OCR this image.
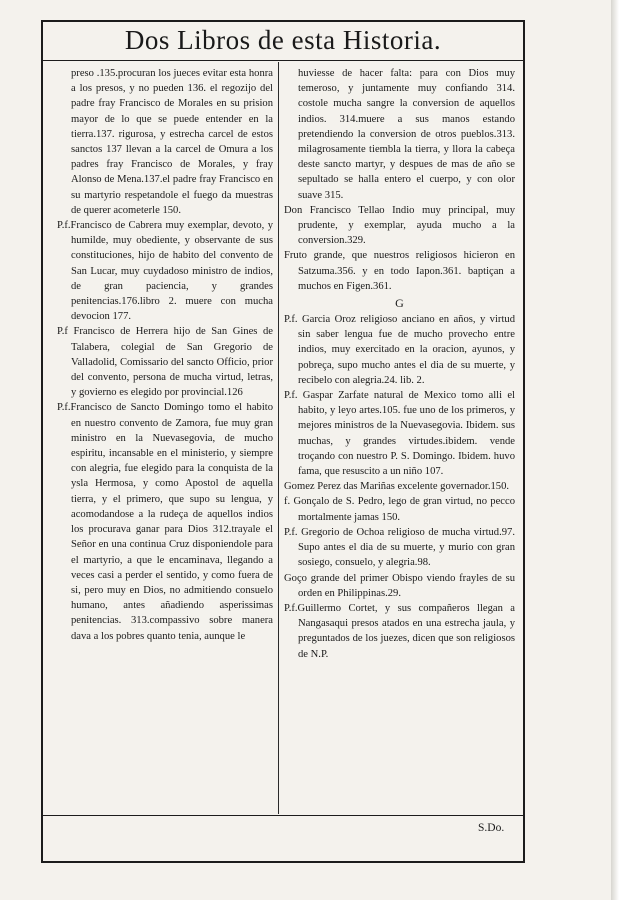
Dos Libros de esta Historia.
preso .135.procuran los jueces evitar esta honra a los presos, y no pueden 136. el regozijo del padre fray Francisco de Morales en su prision mayor de lo que se puede entender en la tierra.137. rigurosa, y estrecha carcel de estos sanctos 137 llevan a la carcel de Omura a los padres fray Francisco de Morales, y fray Alonso de Mena.137.el padre fray Francisco en su martyrio respetandole el fuego da muestras de querer acometerle 150.
P.f.Francisco de Cabrera muy exemplar, devoto, y humilde, muy obediente, y observante de sus constituciones, hijo de habito del convento de San Lucar, muy cuydadoso ministro de indios, de gran paciencia, y grandes penitencias.176.libro 2. muere con mucha devocion 177.
P.f Francisco de Herrera hijo de San Gines de Talabera, colegial de San Gregorio de Valladolid, Comissario del sancto Officio, prior del convento, persona de mucha virtud, letras, y govierno es elegido por provincial.126
P.f.Francisco de Sancto Domingo tomo el habito en nuestro convento de Zamora, fue muy gran ministro en la Nuevasegovia, de mucho espiritu, incansable en el ministerio, y siempre con alegria, fue elegido para la conquista de la ysla Hermosa, y como Apostol de aquella tierra, y el primero, que supo su lengua, y acomodandose a la rudeça de aquellos indios los procurava ganar para Dios 312.trayale el Señor en una continua Cruz disponiendole para el martyrio, a que le encaminava, llegando a veces casi a perder el sentido, y como fuera de si, pero muy en Dios, no admitiendo consuelo humano, antes añadiendo asperissimas penitencias. 313.compassivo sobre manera dava a los pobres quanto tenia, aunque le
huviesse de hacer falta: para con Dios muy temeroso, y juntamente muy confiando 314. costole mucha sangre la conversion de aquellos indios. 314.muere a sus manos estando pretendiendo la conversion de otros pueblos.313. milagrosamente tiembla la tierra, y llora la cabeça deste sancto martyr, y despues de mas de año se sepultado se halla entero el cuerpo, y con olor suave 315.
Don Francisco Tellao Indio muy principal, muy prudente, y exemplar, ayuda mucho a la conversion.329.
Fruto grande, que nuestros religiosos hicieron en Satzuma.356. y en todo Iapon.361. baptiçan a muchos en Figen.361.
G
P.f. Garcia Oroz religioso anciano en años, y virtud sin saber lengua fue de mucho provecho entre indios, muy exercitado en la oracion, ayunos, y pobreça, supo mucho antes el dia de su muerte, y recibelo con alegria.24. lib. 2.
P.f. Gaspar Zarfate natural de Mexico tomo alli el habito, y leyo artes.105. fue uno de los primeros, y mejores ministros de la Nuevasegovia. Ibidem. sus muchas, y grandes virtudes.ibidem. vende troçando con nuestro P. S. Domingo. Ibidem. huvo fama, que resuscito a un niño 107.
Gomez Perez das Mariñas excelente governador.150.
f. Gonçalo de S. Pedro, lego de gran virtud, no pecco mortalmente jamas 150.
P.f. Gregorio de Ochoa religioso de mucha virtud.97. Supo antes el dia de su muerte, y murio con gran sosiego, consuelo, y alegria.98.
Goço grande del primer Obispo viendo frayles de su orden en Philippinas.29.
P.f.Guillermo Cortet, y sus compañeros llegan a Nangasaqui presos atados en una estrecha jaula, y preguntados de los juezes, dicen que son religiosos de N.P.
S.Do.
